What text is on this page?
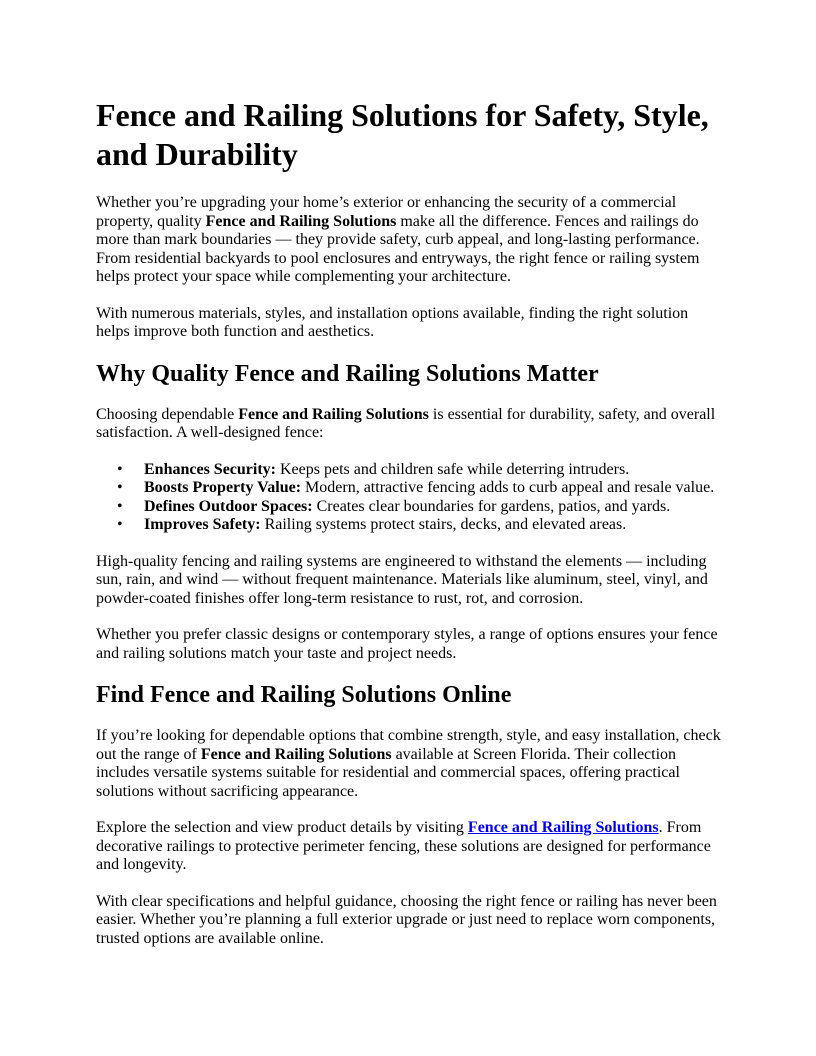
Fence and Railing Solutions for Safety, Style, and Durability

Whether you’re upgrading your home’s exterior or enhancing the security of a commercial property, quality Fence and Railing Solutions make all the difference. Fences and railings do more than mark boundaries — they provide safety, curb appeal, and long-lasting performance. From residential backyards to pool enclosures and entryways, the right fence or railing system helps protect your space while complementing your architecture.

With numerous materials, styles, and installation options available, finding the right solution helps improve both function and aesthetics.

Why Quality Fence and Railing Solutions Matter

Choosing dependable Fence and Railing Solutions is essential for durability, safety, and overall satisfaction. A well-designed fence:

• Enhances Security: Keeps pets and children safe while deterring intruders.
• Boosts Property Value: Modern, attractive fencing adds to curb appeal and resale value.
• Defines Outdoor Spaces: Creates clear boundaries for gardens, patios, and yards.
• Improves Safety: Railing systems protect stairs, decks, and elevated areas.

High-quality fencing and railing systems are engineered to withstand the elements — including sun, rain, and wind — without frequent maintenance. Materials like aluminum, steel, vinyl, and powder-coated finishes offer long-term resistance to rust, rot, and corrosion.

Whether you prefer classic designs or contemporary styles, a range of options ensures your fence and railing solutions match your taste and project needs.

Find Fence and Railing Solutions Online

If you’re looking for dependable options that combine strength, style, and easy installation, check out the range of Fence and Railing Solutions available at Screen Florida. Their collection includes versatile systems suitable for residential and commercial spaces, offering practical solutions without sacrificing appearance.

Explore the selection and view product details by visiting Fence and Railing Solutions. From decorative railings to protective perimeter fencing, these solutions are designed for performance and longevity.

With clear specifications and helpful guidance, choosing the right fence or railing has never been easier. Whether you’re planning a full exterior upgrade or just need to replace worn components, trusted options are available online.
